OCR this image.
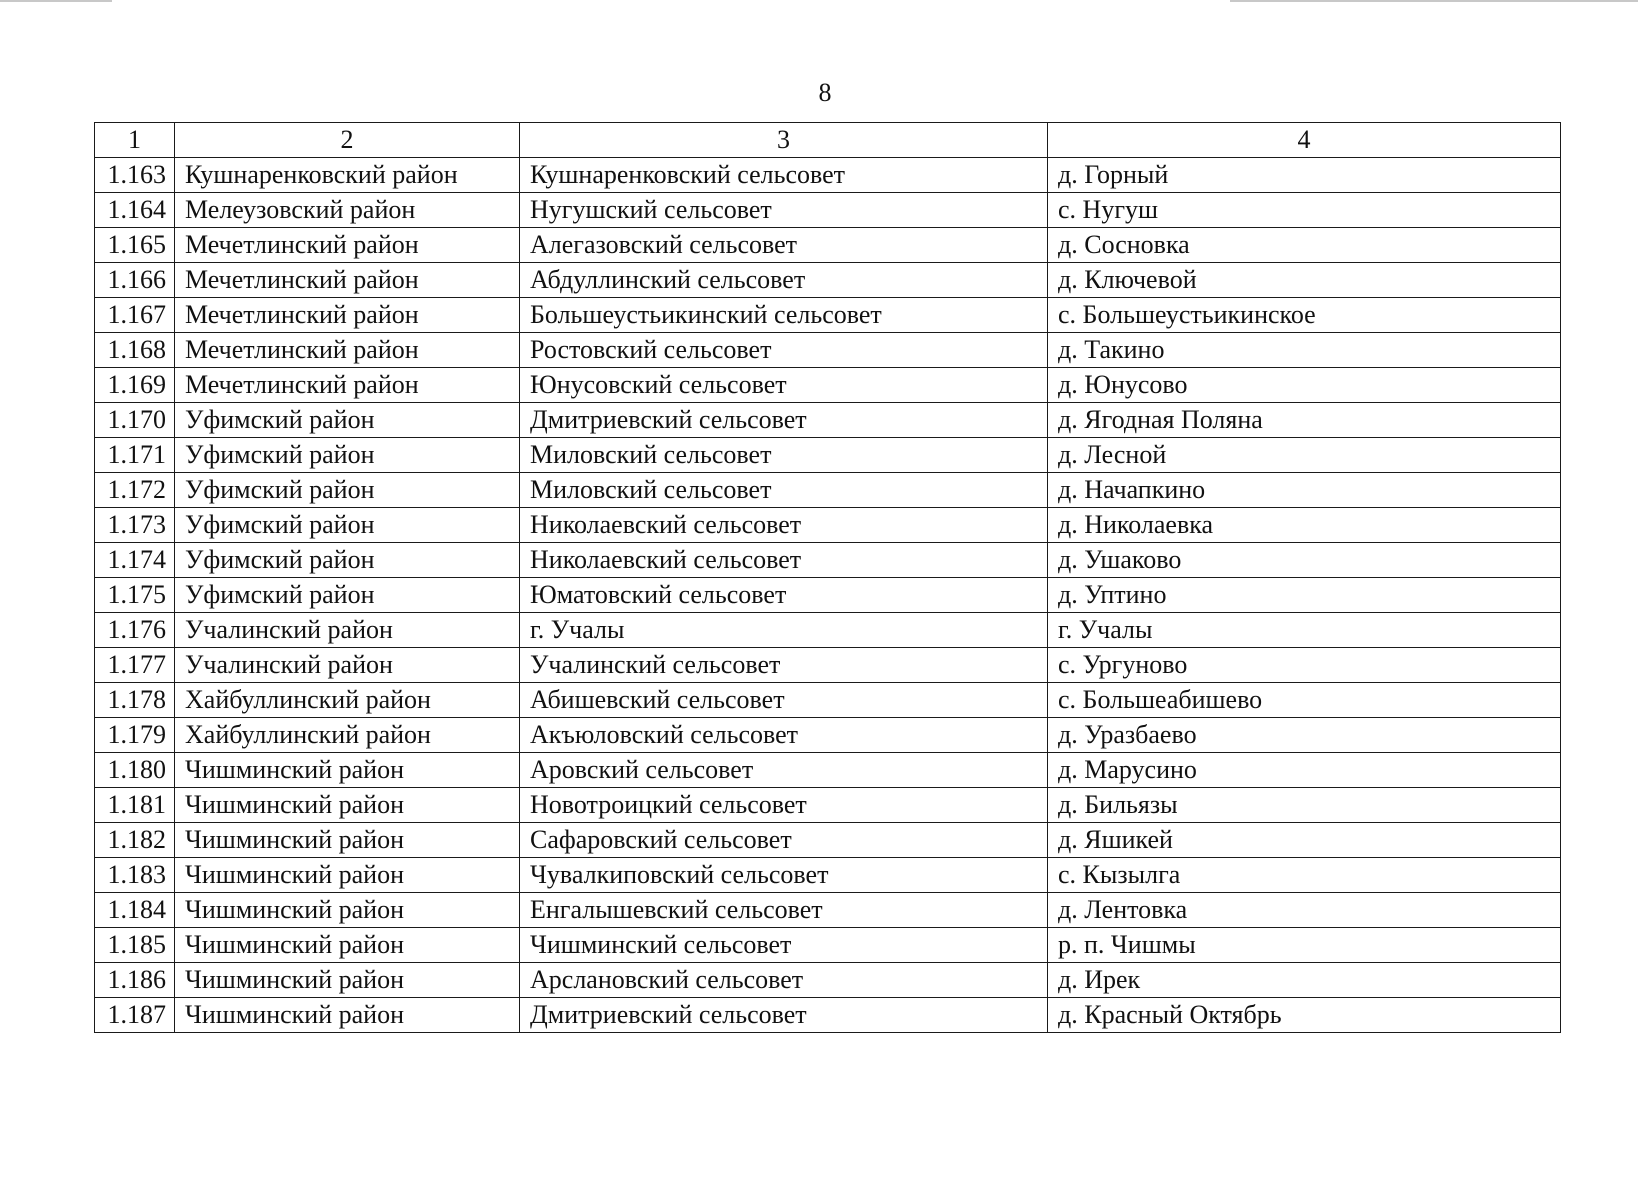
8
1	2	3	4
1.163	Кушнаренковский район	Кушнаренковский сельсовет	д. Горный
1.164	Мелеузовский район	Нугушский сельсовет	с. Нугуш
1.165	Мечетлинский район	Алегазовский сельсовет	д. Сосновка
1.166	Мечетлинский район	Абдуллинский сельсовет	д. Ключевой
1.167	Мечетлинский район	Большеустьикинский сельсовет	с. Большеустьикинское
1.168	Мечетлинский район	Ростовский сельсовет	д. Такино
1.169	Мечетлинский район	Юнусовский сельсовет	д. Юнусово
1.170	Уфимский район	Дмитриевский сельсовет	д. Ягодная Поляна
1.171	Уфимский район	Миловский сельсовет	д. Лесной
1.172	Уфимский район	Миловский сельсовет	д. Начапкино
1.173	Уфимский район	Николаевский сельсовет	д. Николаевка
1.174	Уфимский район	Николаевский сельсовет	д. Ушаково
1.175	Уфимский район	Юматовский сельсовет	д. Уптино
1.176	Учалинский район	г. Учалы	г. Учалы
1.177	Учалинский район	Учалинский сельсовет	с. Ургуново
1.178	Хайбуллинский район	Абишевский сельсовет	с. Большеабишево
1.179	Хайбуллинский район	Акъюловский сельсовет	д. Уразбаево
1.180	Чишминский район	Аровский сельсовет	д. Марусино
1.181	Чишминский район	Новотроицкий сельсовет	д. Бильязы
1.182	Чишминский район	Сафаровский сельсовет	д. Яшикей
1.183	Чишминский район	Чувалкиповский сельсовет	с. Кызылга
1.184	Чишминский район	Енгалышевский сельсовет	д. Лентовка
1.185	Чишминский район	Чишминский сельсовет	р. п. Чишмы
1.186	Чишминский район	Арслановский сельсовет	д. Ирек
1.187	Чишминский район	Дмитриевский сельсовет	д. Красный Октябрь
